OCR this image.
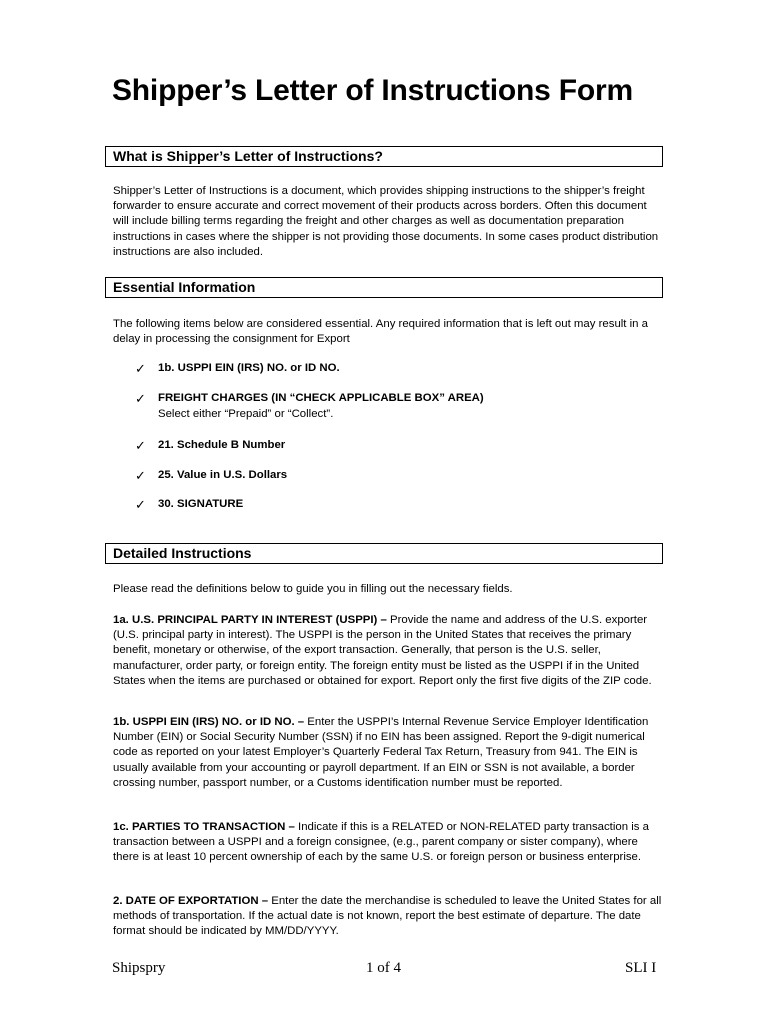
Shipper’s Letter of Instructions Form
What is Shipper’s Letter of Instructions?

Shipper’s Letter of Instructions is a document, which provides shipping instructions to the shipper’s freight forwarder to ensure accurate and correct movement of their products across borders. Often this document will include billing terms regarding the freight and other charges as well as documentation preparation instructions in cases where the shipper is not providing those documents. In some cases product distribution instructions are also included.

Essential Information

The following items below are considered essential. Any required information that is left out may result in a delay in processing the consignment for Export

✓ 1b. USPPI EIN (IRS) NO. or ID NO.
✓ FREIGHT CHARGES (IN “CHECK APPLICABLE BOX” AREA)
Select either “Prepaid” or “Collect”.
✓ 21. Schedule B Number
✓ 25. Value in U.S. Dollars
✓ 30. SIGNATURE
Detailed Instructions

Please read the definitions below to guide you in filling out the necessary fields.

1a. U.S. PRINCIPAL PARTY IN INTEREST (USPPI) – Provide the name and address of the U.S. exporter (U.S. principal party in interest). The USPPI is the person in the United States that receives the primary benefit, monetary or otherwise, of the export transaction. Generally, that person is the U.S. seller, manufacturer, order party, or foreign entity. The foreign entity must be listed as the USPPI if in the United States when the items are purchased or obtained for export. Report only the first five digits of the ZIP code.

1b. USPPI EIN (IRS) NO. or ID NO. – Enter the USPPI’s Internal Revenue Service Employer Identification Number (EIN) or Social Security Number (SSN) if no EIN has been assigned. Report the 9-digit numerical code as reported on your latest Employer’s Quarterly Federal Tax Return, Treasury from 941. The EIN is usually available from your accounting or payroll department. If an EIN or SSN is not available, a border crossing number, passport number, or a Customs identification number must be reported.

1c. PARTIES TO TRANSACTION – Indicate if this is a RELATED or NON-RELATED party transaction is a transaction between a USPPI and a foreign consignee, (e.g., parent company or sister company), where there is at least 10 percent ownership of each by the same U.S. or foreign person or business enterprise.

2. DATE OF EXPORTATION – Enter the date the merchandise is scheduled to leave the United States for all methods of transportation. If the actual date is not known, report the best estimate of departure. The date format should be indicated by MM/DD/YYYY.

Shipspry	1 of 4	SLI I
